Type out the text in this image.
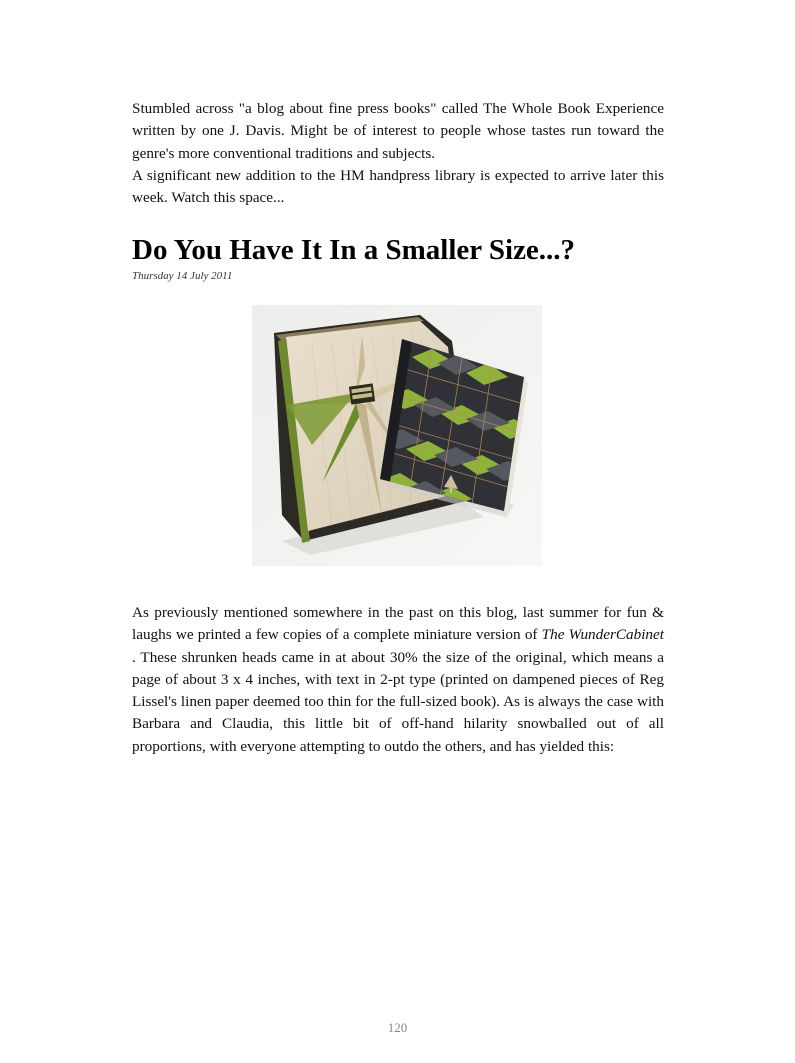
Stumbled across "a blog about fine press books" called The Whole Book Experience written by one J. Davis. Might be of interest to people whose tastes run toward the genre's more conventional traditions and subjects.

A significant new addition to the HM handpress library is expected to arrive later this week. Watch this space...

Do You Have It In a Smaller Size...?
Thursday 14 July 2011

As previously mentioned somewhere in the past on this blog, last summer for fun & laughs we printed a few copies of a complete miniature version of The WunderCabinet . These shrunken heads came in at about 30% the size of the original, which means a page of about 3 x 4 inches, with text in 2-pt type (printed on dampened pieces of Reg Lissel's linen paper deemed too thin for the full-sized book). As is always the case with Barbara and Claudia, this little bit of off-hand hilarity snowballed out of all proportions, with everyone attempting to outdo the others, and has yielded this:

120
